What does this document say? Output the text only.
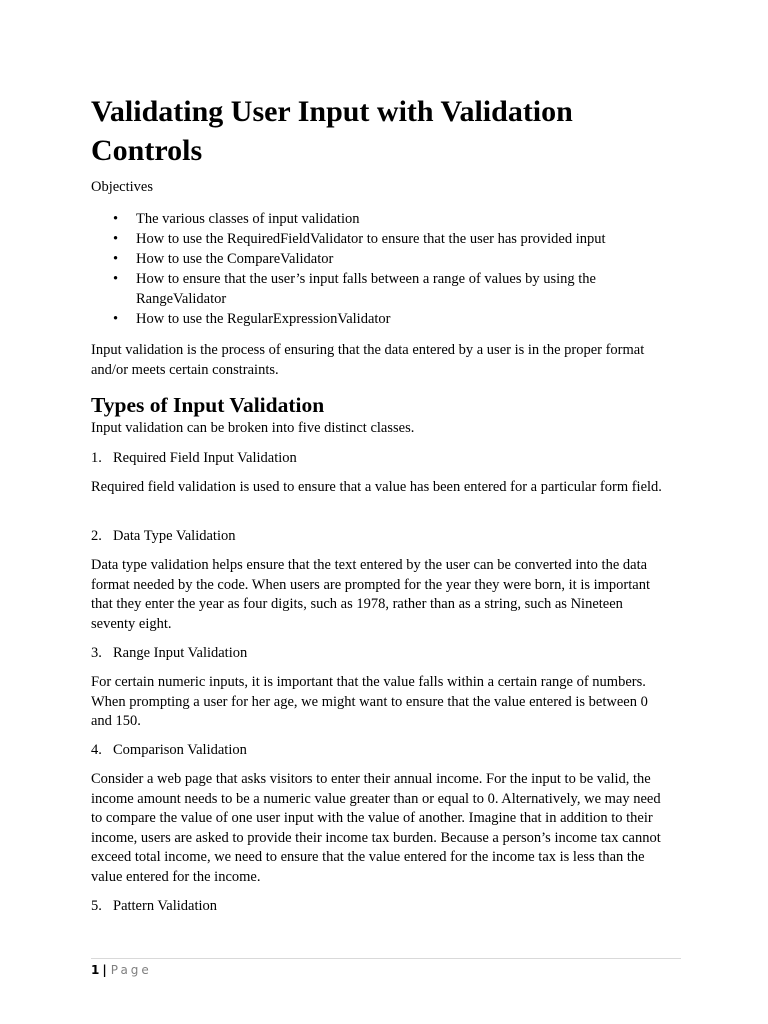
Validating User Input with Validation Controls
Objectives
• The various classes of input validation
• How to use the RequiredFieldValidator to ensure that the user has provided input
• How to use the CompareValidator
• How to ensure that the user’s input falls between a range of values by using the RangeValidator
• How to use the RegularExpressionValidator

Input validation is the process of ensuring that the data entered by a user is in the proper format and/or meets certain constraints.

Types of Input Validation

Input validation can be broken into five distinct classes.

1. Required Field Input Validation

Required field validation is used to ensure that a value has been entered for a particular form field.

2. Data Type Validation

Data type validation helps ensure that the text entered by the user can be converted into the data format needed by the code. When users are prompted for the year they were born, it is important that they enter the year as four digits, such as 1978, rather than as a string, such as Nineteen seventy eight.

3. Range Input Validation

For certain numeric inputs, it is important that the value falls within a certain range of numbers. When prompting a user for her age, we might want to ensure that the value entered is between 0 and 150.

4. Comparison Validation

Consider a web page that asks visitors to enter their annual income. For the input to be valid, the income amount needs to be a numeric value greater than or equal to 0. Alternatively, we may need to compare the value of one user input with the value of another. Imagine that in addition to their income, users are asked to provide their income tax burden. Because a person’s income tax cannot exceed total income, we need to ensure that the value entered for the income tax is less than the value entered for the income.

5. Pattern Validation
1 | Page
